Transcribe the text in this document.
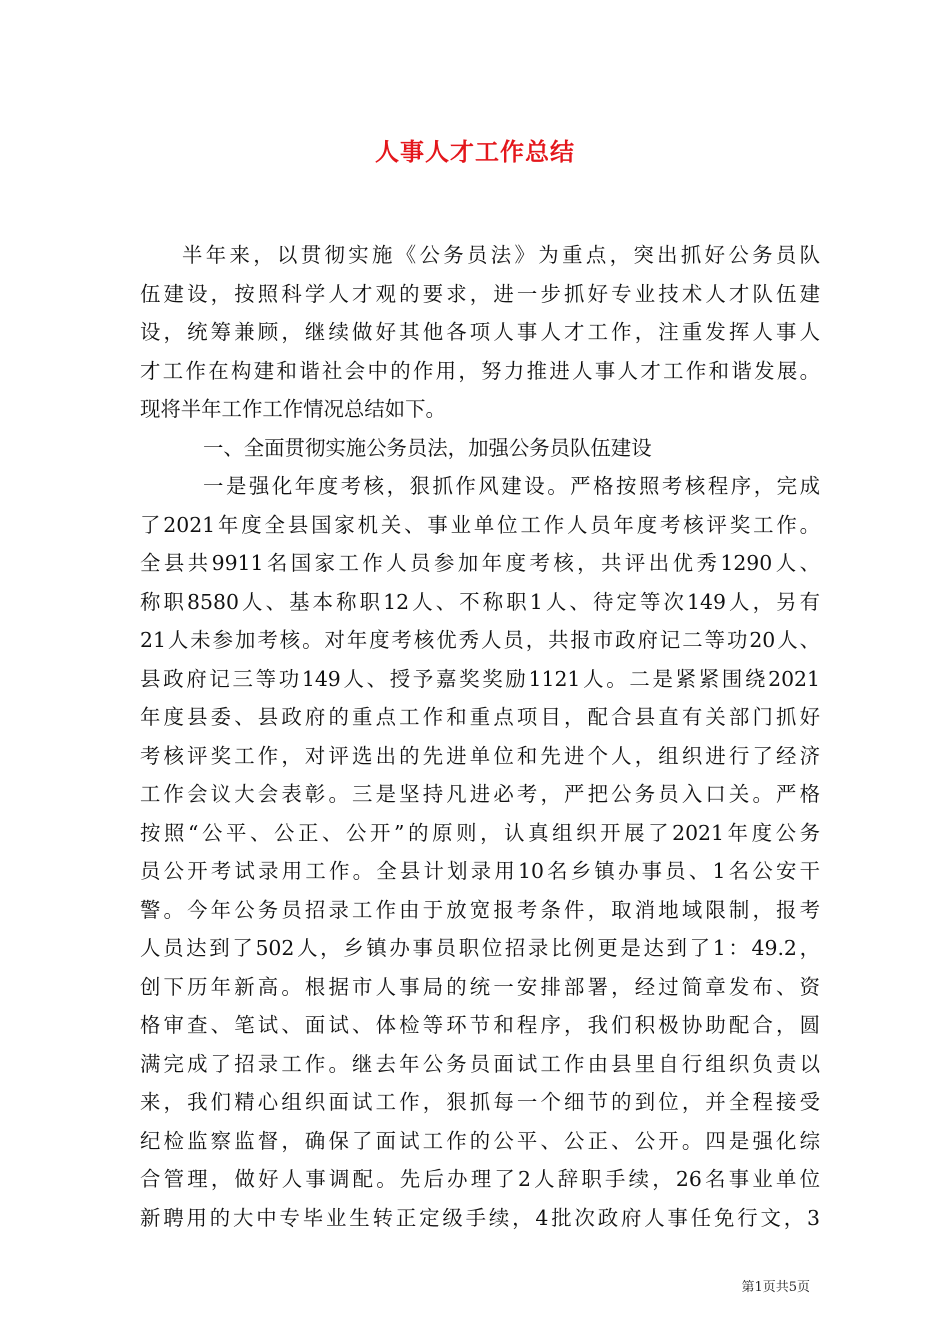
人事人才工作总结
半年来，以贯彻实施《公务员法》为重点，突出抓好公务员队
伍建设，按照科学人才观的要求，进一步抓好专业技术人才队伍建
设，统筹兼顾，继续做好其他各项人事人才工作，注重发挥人事人
才工作在构建和谐社会中的作用，努力推进人事人才工作和谐发展。
现将半年工作工作情况总结如下。
一、全面贯彻实施公务员法，加强公务员队伍建设
一是强化年度考核，狠抓作风建设。严格按照考核程序，完成
了2021年度全县国家机关、事业单位工作人员年度考核评奖工作。
全县共9911名国家工作人员参加年度考核，共评出优秀1290人、
称职8580人、基本称职12人、不称职1人、待定等次149人，另有
21人未参加考核。对年度考核优秀人员，共报市政府记二等功20人、
县政府记三等功149人、授予嘉奖奖励1121人。二是紧紧围绕2021
年度县委、县政府的重点工作和重点项目，配合县直有关部门抓好
考核评奖工作，对评选出的先进单位和先进个人，组织进行了经济
工作会议大会表彰。三是坚持凡进必考，严把公务员入口关。严格
按照“公平、公正、公开”的原则，认真组织开展了2021年度公务
员公开考试录用工作。全县计划录用10名乡镇办事员、1名公安干
警。今年公务员招录工作由于放宽报考条件，取消地域限制，报考
人员达到了502人，乡镇办事员职位招录比例更是达到了1：49.2，
创下历年新高。根据市人事局的统一安排部署，经过简章发布、资
格审查、笔试、面试、体检等环节和程序，我们积极协助配合，圆
满完成了招录工作。继去年公务员面试工作由县里自行组织负责以
来，我们精心组织面试工作，狠抓每一个细节的到位，并全程接受
纪检监察监督，确保了面试工作的公平、公正、公开。四是强化综
合管理，做好人事调配。先后办理了2人辞职手续，26名事业单位
新聘用的大中专毕业生转正定级手续，4批次政府人事任免行文，3
第1页共5页
